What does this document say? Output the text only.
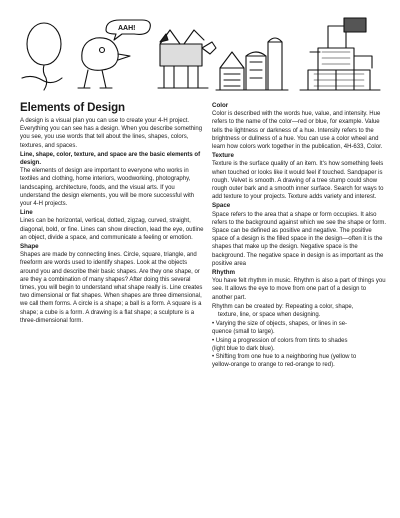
AAH!
Elements of Design
A design is a visual plan you can use to create your 4-H project. Everything you can see has a design. When you describe something you see, you use words that tell about the lines, shapes, colors, textures, and spaces.
Line, shape, color, texture, and space are the basic elements of design.
The elements of design are important to everyone who works in textiles and clothing, home interiors, woodworking, photography, landscaping, architecture, foods, and the visual arts. If you understand the design elements, you will be more successful with your 4-H projects.
Line
Lines can be horizontal, vertical, dotted, zigzag, curved, straight, diagonal, bold, or fine. Lines can show direction, lead the eye, outline an object, divide a space, and communicate a feeling or emotion.
Shape
Shapes are made by connecting lines. Circle, square, triangle, and freeform are words used to identify shapes. Look at the objects around you and describe their basic shapes. Are they one shape, or are they a combination of many shapes? After doing this several times, you will begin to understand what shape really is. Line creates two dimensional or flat shapes. When shapes are three dimensional, we call them forms. A circle is a shape; a ball is a form. A square is a shape; a cube is a form. A drawing is a flat shape; a sculpture is a three-dimensional form.
Color
Color is described with the words hue, value, and intensity. Hue refers to the name of the color—red or blue, for example. Value tells the lightness or darkness of a hue. Intensity refers to the brightness or dullness of a hue. You can use a color wheel and learn how colors work together in the publication, 4H-633, Color.
Texture
Texture is the surface quality of an item. It's how something feels when touched or looks like it would feel if touched. Sandpaper is rough. Velvet is smooth. A drawing of a tree stump could show rough outer bark and a smooth inner surface. Search for ways to add texture to your projects. Texture adds variety and interest.
Space
Space refers to the area that a shape or form occupies. It also refers to the background against which we see the shape or form. Space can be defined as positive and negative. The positive space of a design is the filled space in the design—often it is the shapes that make up the design. Negative space is the background. The negative space in design is as important as the positive area
Rhythm
You have felt rhythm in music. Rhythm is also a part of things you see. It allows the eye to move from one part of a design to another part.
Rhythm can be created by: Repeating a color, shape,
texture, line, or space when designing.
• Varying the size of objects, shapes, or lines in se-
quence (small to large).
• Using a progression of colors from tints to shades
(light blue to dark blue).
• Shifting from one hue to a neighboring hue (yellow to
yellow-orange to orange to red-orange to red).
